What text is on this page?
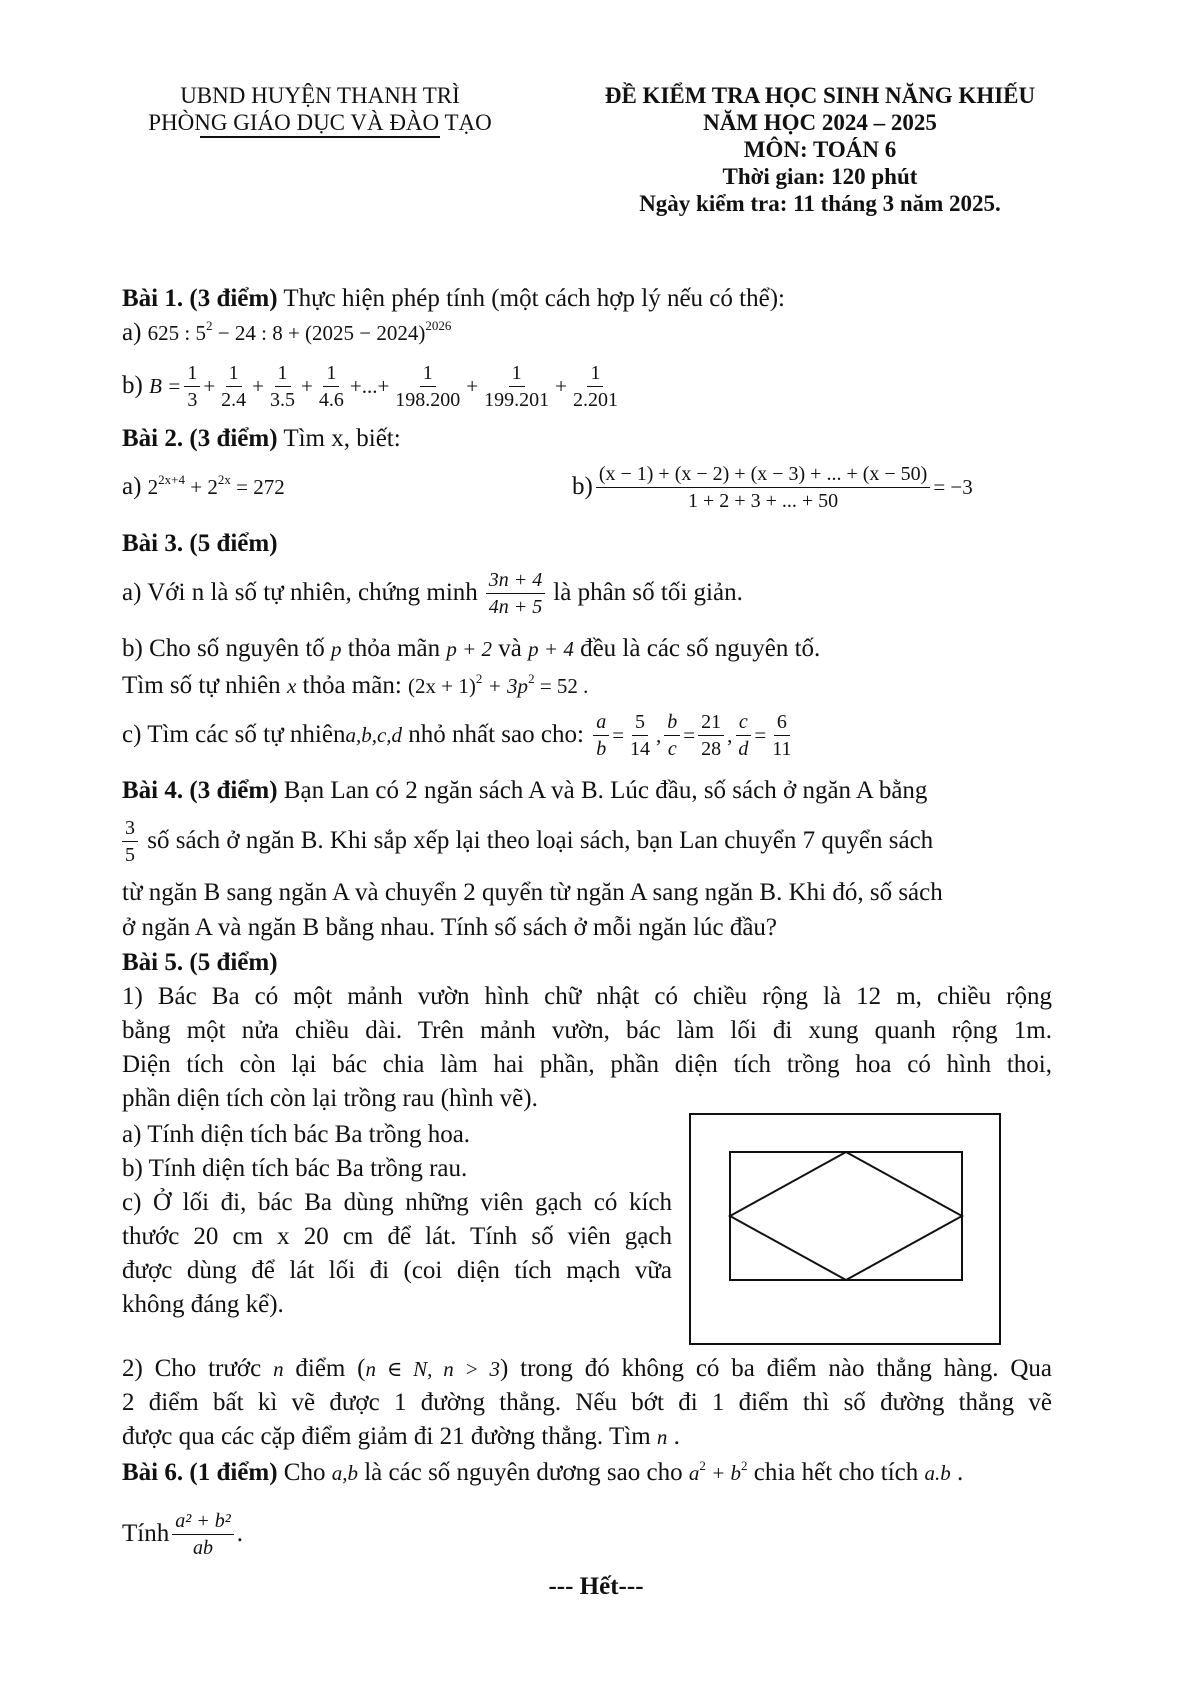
UBND HUYỆN THANH TRÌ
PHÒNG GIÁO DỤC VÀ ĐÀO TẠO
ĐỀ KIỂM TRA HỌC SINH NĂNG KHIẾU
NĂM HỌC 2024 – 2025
MÔN: TOÁN 6
Thời gian: 120 phút
Ngày kiểm tra: 11 tháng 3 năm 2025.
Bài 1. (3 điểm) Thực hiện phép tính (một cách hợp lý nếu có thể):
a) 625 : $5^2 - 24$ : $8 + (2025 - 2024)^{2026}$
b)
$B = \frac{1}{3} + \frac{1}{2.4} + \frac{1}{3.5} + \frac{1}{4.6}$ +...+ $\frac{1}{198.200} + \frac{1}{199.201} + \frac{1}{2.201}$
Bài 2. (3 điểm) Tìm x, biết:
a) $2^{2x+4} + 2^{2x} = 272$	$b) \frac{(x - 1) + (x - 2) + (x - 3) + ... + (x - 50)}{1 + 2 + 3 + ... + 50} = -3$
Bài 3. (5 điểm)
a) Với n là số tự nhiên, chứng minh $\frac{3n + 4}{4n + 5}$ là phân số tối giản.
b) Cho số nguyên tố p thỏa mãn p + 2 và p + 4 đều là các số nguyên tố.
Tìm số tự nhiên x thỏa mãn: $(2x + 1)^2 + 3p^2 = 52$ .
c) Tìm các số tự nhiên a,b,c,d
nhỏ nhất sao cho:
$\frac{a}{b} = \frac{5}{14}$ , $\frac{b}{c} = \frac{21}{28}$ , $\frac{c}{d} = \frac{6}{11}$
Bài 4. (3 điểm) Bạn Lan có 2 ngăn sách A và B. Lúc đầu, số sách ở ngăn A bằng
$\frac{3}{5}$
số sách ở ngăn B. Khi sắp xếp lại theo loại sách, bạn Lan chuyển 7 quyển sách
từ ngăn B sang ngăn A và chuyển 2 quyển từ ngăn A sang ngăn B. Khi đó, số sách
ở ngăn A và ngăn B bằng nhau. Tính số sách ở mỗi ngăn lúc đầu?
Bài 5. (5 điểm)
1) Bác Ba có một mảnh vườn hình chữ nhật có chiều rộng là 12 m, chiều rộng
bằng một nửa chiều dài. Trên mảnh vườn, bác làm lối đi xung quanh rộng 1m.
Diện tích còn lại bác chia làm hai phần, phần diện tích trồng hoa có hình thoi,
phần diện tích còn lại trồng rau (hình vẽ).
a) Tính diện tích bác Ba trồng hoa.
b) Tính diện tích bác Ba trồng rau.
c) Ở lối đi, bác Ba dùng những viên gạch có kích
thước 20 cm x 20 cm để lát. Tính số viên gạch
được dùng để lát lối đi (coi diện tích mạch vữa
không đáng kể).
2) Cho trước n điểm (n ∈ N, n > 3) trong đó không có ba điểm nào thẳng hàng. Qua
2 điểm bất kì vẽ được 1 đường thẳng. Nếu bớt đi 1 điểm thì số đường thẳng vẽ
được qua các cặp điểm giảm đi 21 đường thẳng. Tìm n .
Bài 6. (1 điểm) Cho a,b là các số nguyên dương sao cho $a^2 + b^2$ chia hết cho tích a.b .
Tính $\frac{\text{a² + b²}}{ab}$ .
--- Hết---
